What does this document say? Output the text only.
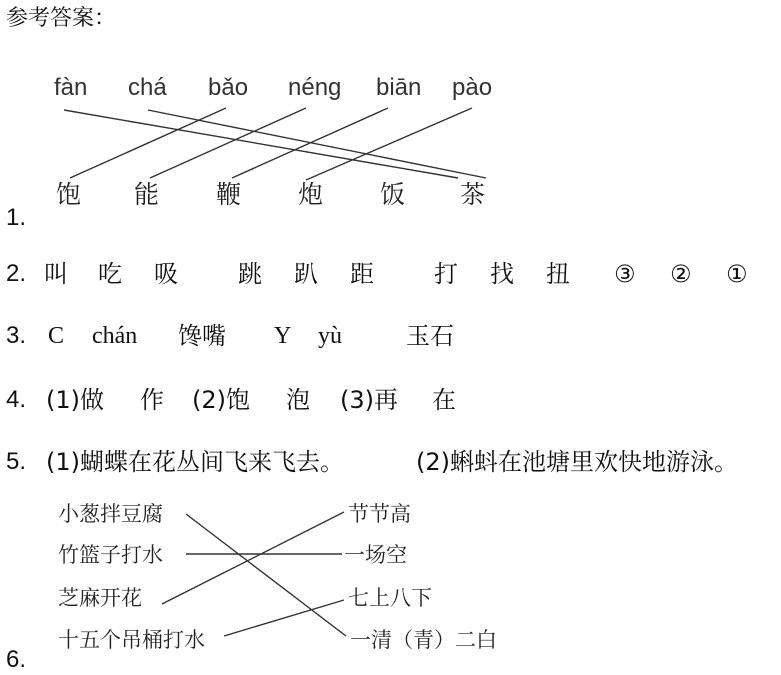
参考答案：
fàn chá bǎo néng biān pào
饱 能 鞭 炮 饭 茶
1.
2. 叫 吃 吸	跳 趴 距	打 找 扭 ③ ② ①
3. C chán 馋嘴 Y yù	玉石
4. (1)做 作 (2)饱 泡 (3)再 在
5. (1)蝴蝶在花丛间飞来飞去。	(2)蝌蚪在池塘里欢快地游泳。
小葱拌豆腐
竹篮子打水
芝麻开花
十五个吊桶打水
节节高
一场空
七上八下
一清（青）二白
6.
